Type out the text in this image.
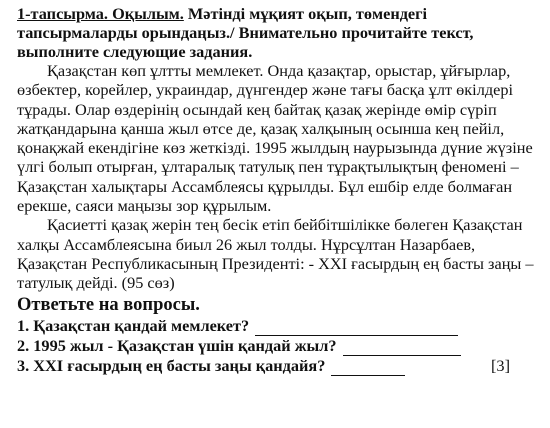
1-тапсырма. Оқылым. Мәтінді мұқият оқып, төмендегі тапсырмаларды орындаңыз./ Внимательно прочитайте текст, выполните следующие задания.

Қазақстан көп ұлтты мемлекет. Онда қазақтар, орыстар, ұйғырлар, өзбектер, корейлер, украиндар, дүнгендер және тағы басқа ұлт өкілдері тұрады. Олар өздерінің осындай кең байтақ қазақ жерінде өмір сүріп жатқандарына қанша жыл өтсе де, қазақ халқының осынша кең пейіл, қонақжай екендігіне көз жеткізді. 1995 жылдың наурызында дүние жүзіне үлгі болып отырған, ұлтаралық татулық пен тұрақтылықтың феномені – Қазақстан халықтары Ассамблеясы құрылды. Бұл ешбір елде болмаған ерекше, саяси маңызы зор құрылым.

Қасиетті қазақ жерін тең бесік етіп бейбітшілікке бөлеген Қазақстан халқы Ассамблеясына биыл 26 жыл толды. Нұрсұлтан Назарбаев, Қазақстан Республикасының Президенті: - XXI ғасырдың ең басты заңы – татулық дейді. (95 сөз)

Ответьте на вопросы.

1. Қазақстан қандай мемлекет?
2. 1995 жыл - Қазақстан үшін қандай жыл?
3. XXI ғасырдың ең басты заңы қандайя?	[3]
